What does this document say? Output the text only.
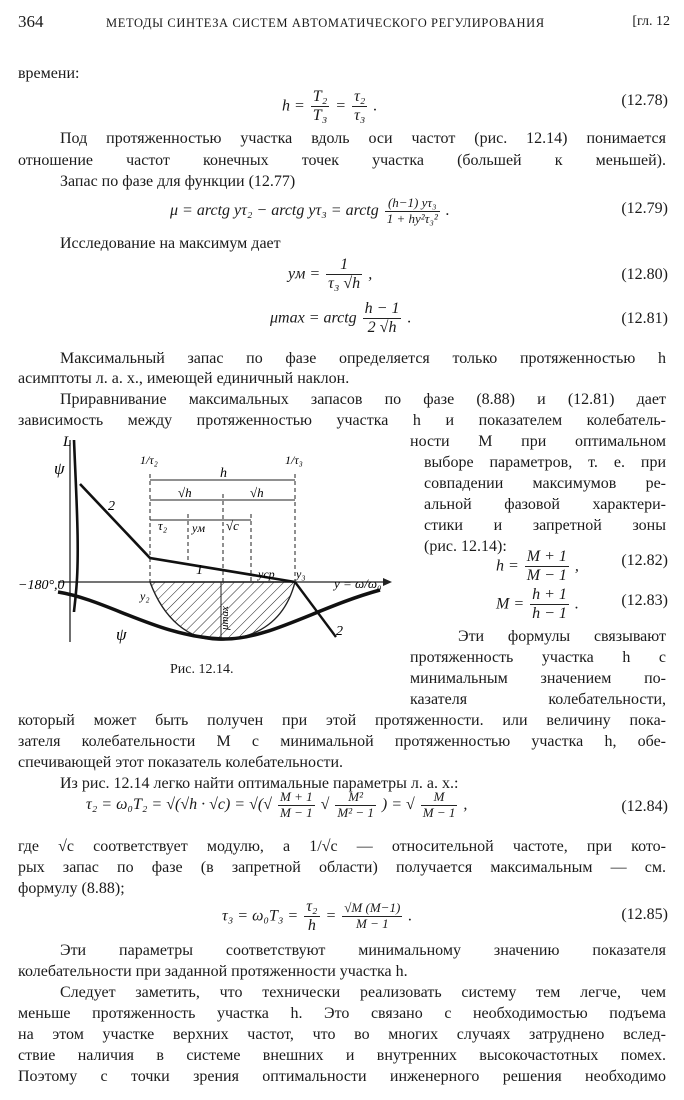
364	МЕТОДЫ СИНТЕЗА СИСТЕМ АВТОМАТИЧЕСКОГО РЕГУЛИРОВАНИЯ	[гл. 12
времени:
$h = \frac{\text{T₂}}{\text{T₃}} = \frac{\text{τ₂}}{\text{τ₃}}$ .	(12.78)
Под протяженностью участка вдоль оси частот (рис. 12.14) понимается
отношение частот конечных точек участка (большей к меньшей).
Запас по фазе для функции (12.77)
μ = arctg yτ₂ − arctg yτ₃ = arctg $\frac{\text{(h−1) yτ₃}}{\text{1 + hy²τ₃²}}$ .	(12.79)
Исследование на максимум дает
yм = $\frac{1}{\text{τ₃ √h}}$ ,	(12.80)
μmax = arctg $\frac{h - 1}{2 √h}$ .	(12.81)
Максимальный запас по фазе определяется только протяженностью h
асимптоты л. а. х., имеющей единичный наклон.
Приравнивание максимальных запасов по фазе (8.88) и (12.81) дает
зависимость между протяженностью участка h и показателем колебатель-
ности M при оптимальном
выборе параметров, т. е. при
совпадении максимумов ре-
альной фазовой характери-
стики и запретной зоны
(рис. 12.14):
$h = \frac{M + 1}{M - 1}$ ,	(12.82)
$M = \frac{h + 1}{h - 1}$ .	(12.83)
Эти формулы связывают
протяженность участка h с
минимальным значением по-
казателя колебательности,
L
ψ
2
1/τ₂	1/τ₃
h
√h	√h
τ₂ yм √c
1	yср
−180°,0
y₂
y₃
y = ω/ω₀
μmax
ψ	2
Рис. 12.14.
который может быть получен при этой протяженности. или величину пока-
зателя колебательности M с минимальной протяженностью участка h, обе-
спечивающей этот показатель колебательности.
Из рис. 12.14 легко найти оптимальные параметры л. а. х.:
τ₂ = ω₀T₂ = √(√h · √c) = √(√ $\frac{M + 1}{M - 1}$ √ $\frac{\text{M²}}{\text{M² − 1}}$ ) = √ $\frac{M}{M - 1}$ ,	(12.84)
где √c соответствует модулю, а 1/√c — относительной частоте, при кото-
рых запас по фазе (в запретной области) получается максимальным — см.
формулу (8.88);
$\tau_3 = \omega_0T_3 = \frac{\text{τ₂}}{h} = \frac{√M (M-1)}{M - 1}$ .	(12.85)
Эти параметры соответствуют минимальному значению показателя
колебательности при заданной протяженности участка h.
Следует заметить, что технически реализовать систему тем легче, чем
меньше протяженность участка h. Это связано с необходимостью подъема
на этом участке верхних частот, что во многих случаях затруднено вслед-
ствие наличия в системе внешних и внутренних высокочастотных помех.
Поэтому с точки зрения оптимальности инженерного решения необходимо
